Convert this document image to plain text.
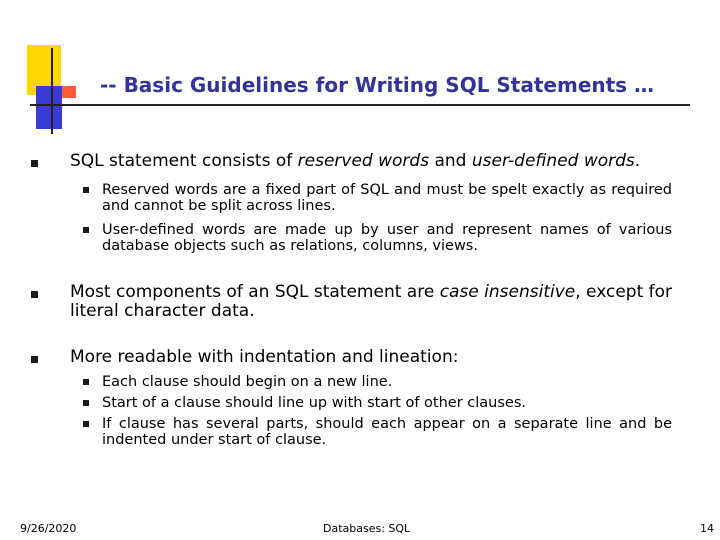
-- Basic Guidelines for Writing SQL Statements …
SQL statement consists of reserved words and user-defined words.
Reserved words are a fixed part of SQL and must be spelt exactly as required and cannot be split across lines.
User-defined words are made up by user and represent names of various database objects such as relations, columns, views.
Most components of an SQL statement are case insensitive, except for literal character data.
More readable with indentation and lineation:
Each clause should begin on a new line.
Start of a clause should line up with start of other clauses.
If clause has several parts, should each appear on a separate line and be indented under start of clause.
9/26/2020	Databases: SQL	14
